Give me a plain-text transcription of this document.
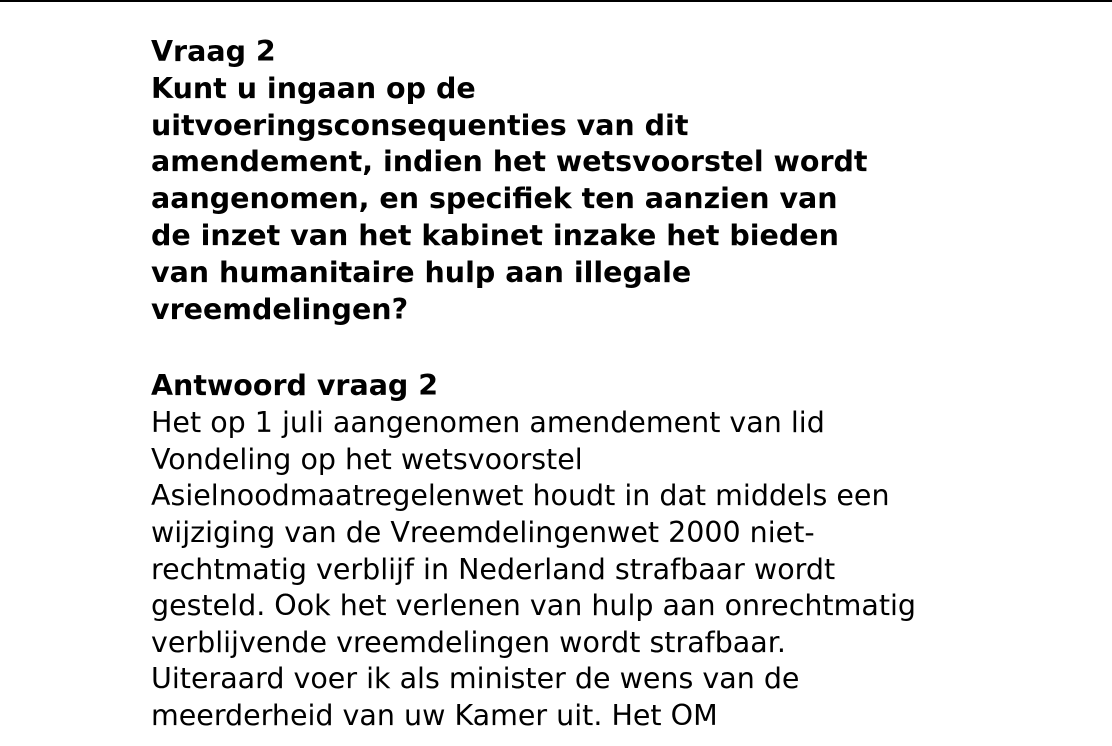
Vraag 2

Kunt u ingaan op de uitvoeringsconsequenties van dit amendement, indien het wetsvoorstel wordt aangenomen, en specifiek ten aanzien van de inzet van het kabinet inzake het bieden van humanitaire hulp aan illegale vreemdelingen?

Antwoord vraag 2

Het op 1 juli aangenomen amendement van lid Vondeling op het wetsvoorstel Asielnoodmaatregelenwet houdt in dat middels een wijziging van de Vreemdelingenwet 2000 niet-rechtmatig verblijf in Nederland strafbaar wordt gesteld. Ook het verlenen van hulp aan onrechtmatig verblijvende vreemdelingen wordt strafbaar. Uiteraard voer ik als minister de wens van de meerderheid van uw Kamer uit. Het OM
